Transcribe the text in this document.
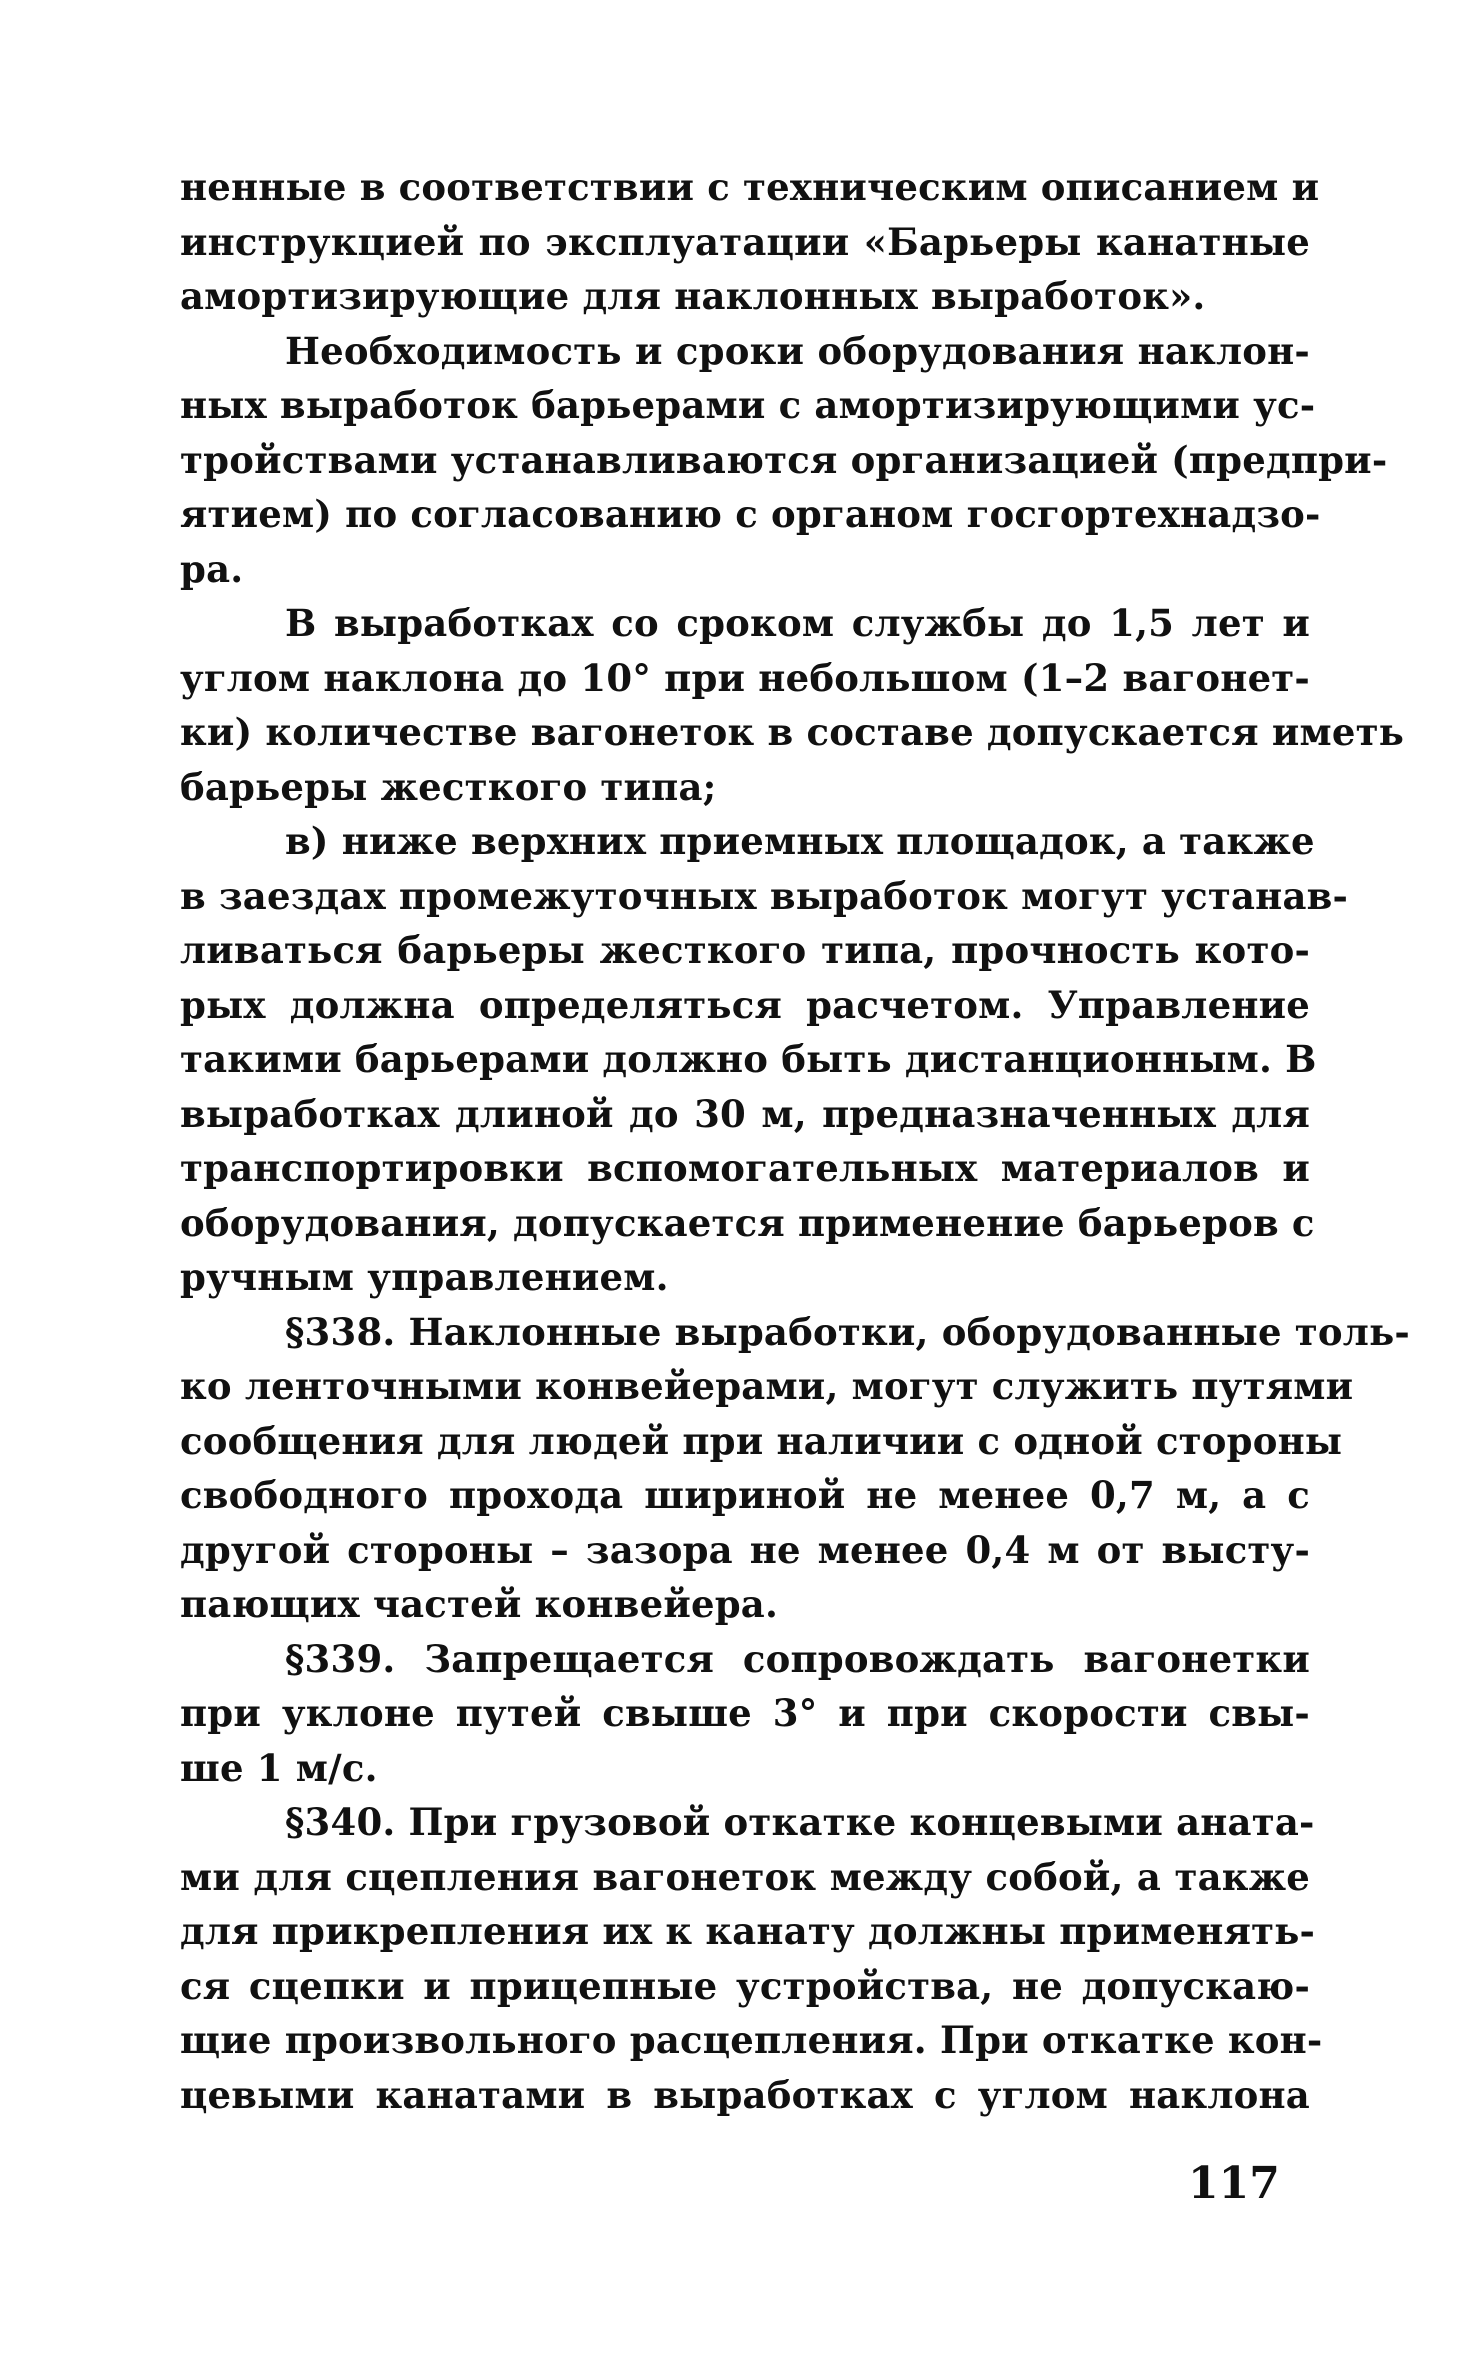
ненные в соответствии с техническим описанием и
инструкцией по эксплуатации «Барьеры канатные
амортизирующие для наклонных выработок».
Необходимость и сроки оборудования наклон-
ных выработок барьерами с амортизирующими ус-
тройствами устанавливаются организацией (предпри-
ятием) по согласованию с органом госгортехнадзо-
ра.
В выработках со сроком службы до 1,5 лет и
углом наклона до 10° при небольшом (1–2 вагонет-
ки) количестве вагонеток в составе допускается иметь
барьеры жесткого типа;
в) ниже верхних приемных площадок, а также
в заездах промежуточных выработок могут устанав-
ливаться барьеры жесткого типа, прочность кото-
рых должна определяться расчетом. Управление
такими барьерами должно быть дистанционным. В
выработках длиной до 30 м, предназначенных для
транспортировки вспомогательных материалов и
оборудования, допускается применение барьеров с
ручным управлением.
§338. Наклонные выработки, оборудованные толь-
ко ленточными конвейерами, могут служить путями
сообщения для людей при наличии с одной стороны
свободного прохода шириной не менее 0,7 м, а с
другой стороны – зазора не менее 0,4 м от высту-
пающих частей конвейера.
§339. Запрещается сопровождать вагонетки
при уклоне путей свыше 3° и при скорости свы-
ше 1 м/с.
§340. При грузовой откатке концевыми аната-
ми для сцепления вагонеток между собой, а также
для прикрепления их к канату должны применять-
ся сцепки и прицепные устройства, не допускаю-
щие произвольного расцепления. При откатке кон-
цевыми канатами в выработках с углом наклона
117
